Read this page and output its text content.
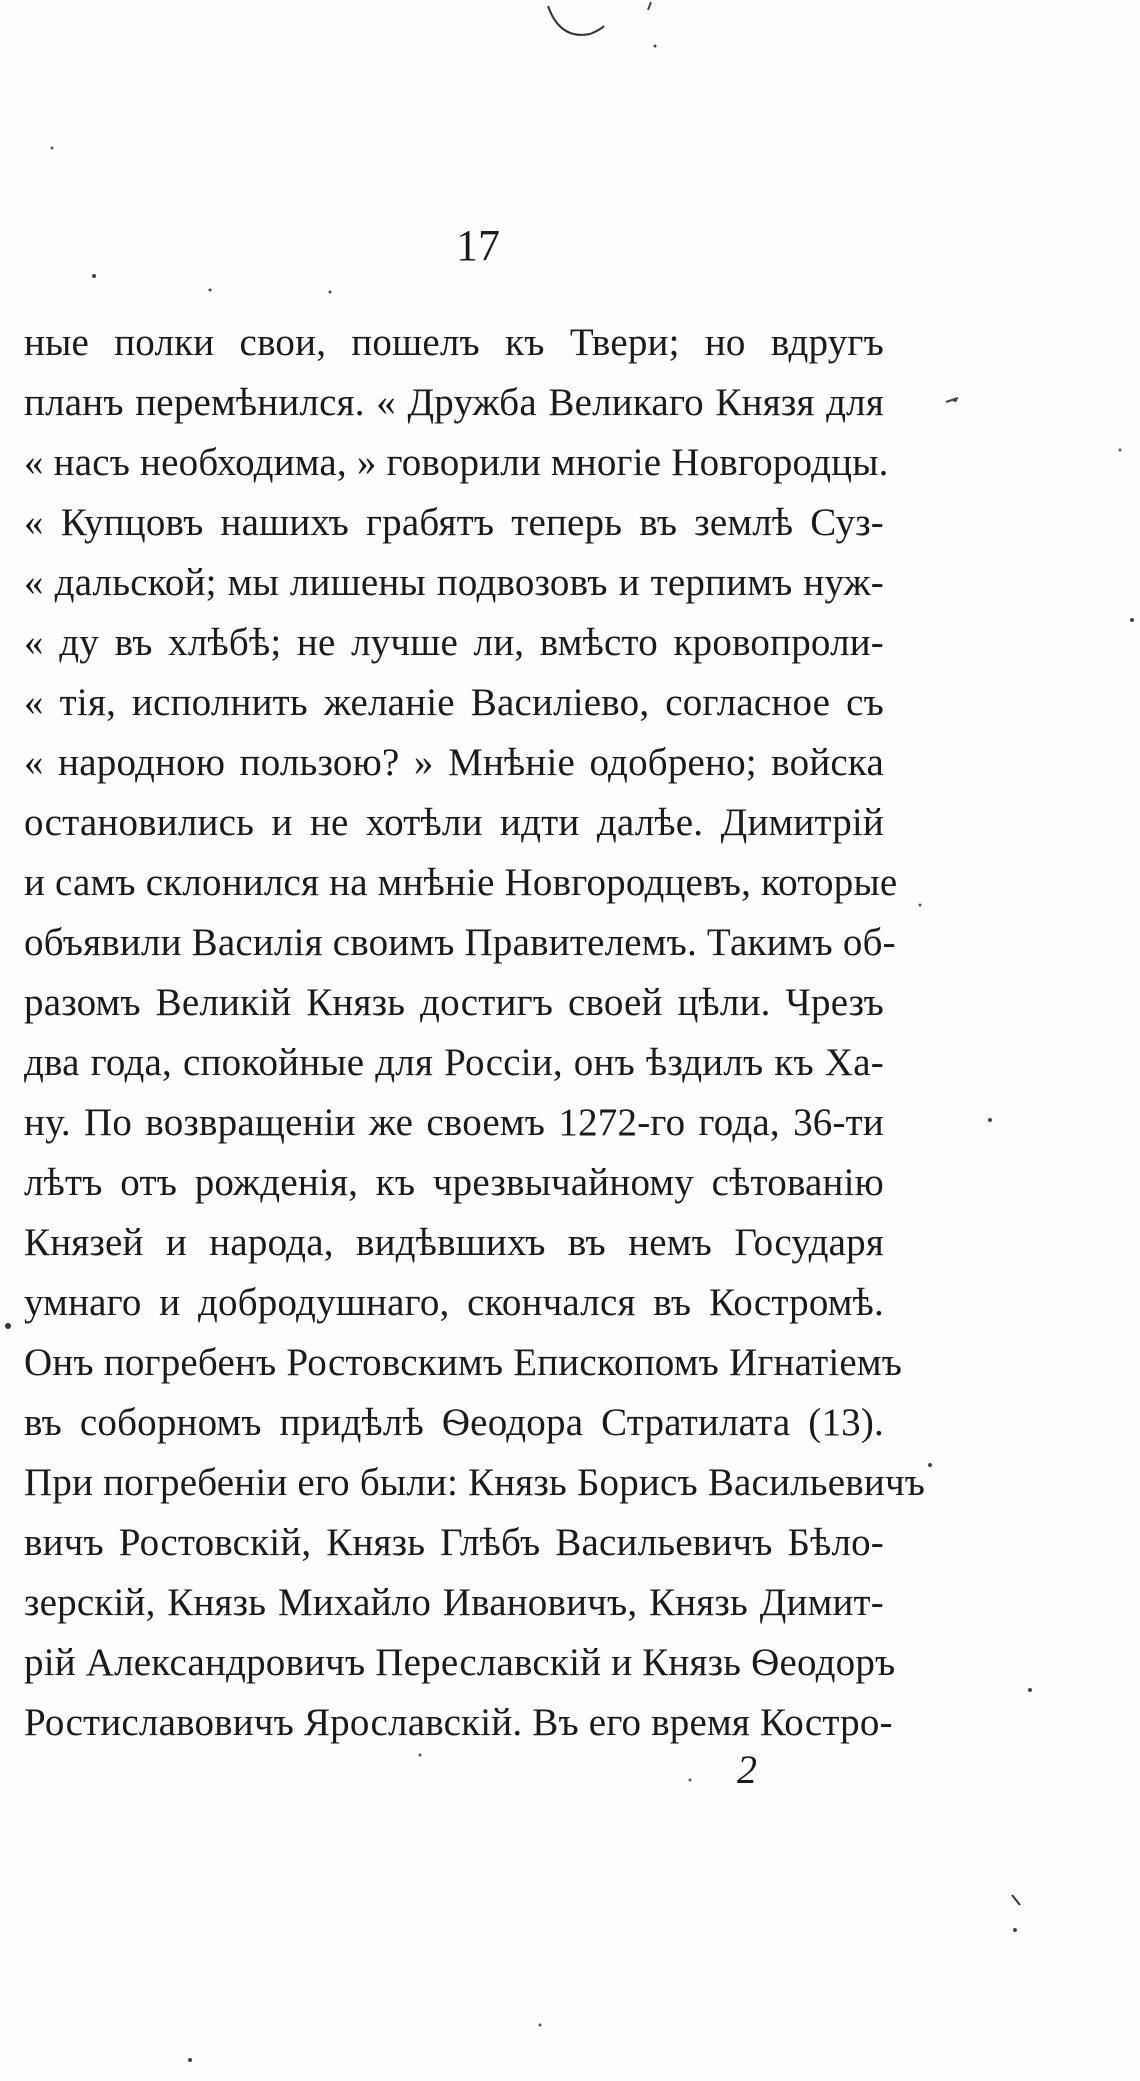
17
ные полки свои, пошелъ къ Твери; но вдругъ
планъ перемѣнился. « Дружба Великаго Князя для
« насъ необходима, » говорили многіе Новгородцы.
« Купцовъ нашихъ грабятъ теперь въ землѣ Суз-
« дальской; мы лишены подвозовъ и терпимъ нуж-
« ду въ хлѣбѣ; не лучше ли, вмѣсто кровопроли-
« тія, исполнить желаніе Василіево, согласное съ
« народною пользою? » Мнѣніе одобрено; войска
остановились и не хотѣли идти далѣе. Димитрій
и самъ склонился на мнѣніе Новгородцевъ, которые
объявили Василія своимъ Правителемъ. Такимъ об-
разомъ Великій Князь достигъ своей цѣли. Чрезъ
два года, спокойные для Россіи, онъ ѣздилъ къ Ха-
ну. По возвращеніи же своемъ 1272-го года, 36-ти
лѣтъ отъ рожденія, къ чрезвычайному сѣтованію
Князей и народа, видѣвшихъ въ немъ Государя
умнаго и добродушнаго, скончался въ Костромѣ.
Онъ погребенъ Ростовскимъ Епископомъ Игнатіемъ
въ соборномъ придѣлѣ Ѳеодора Стратилата (13).
При погребеніи его были: Князь Борисъ Васильевичъ
вичъ Ростовскій, Князь Глѣбъ Васильевичъ Бѣло-
зерскій, Князь Михайло Ивановичъ, Князь Димит-
рій Александровичъ Переславскій и Князь Ѳеодоръ
Ростиславовичъ Ярославскій. Въ его время Костро-
2
